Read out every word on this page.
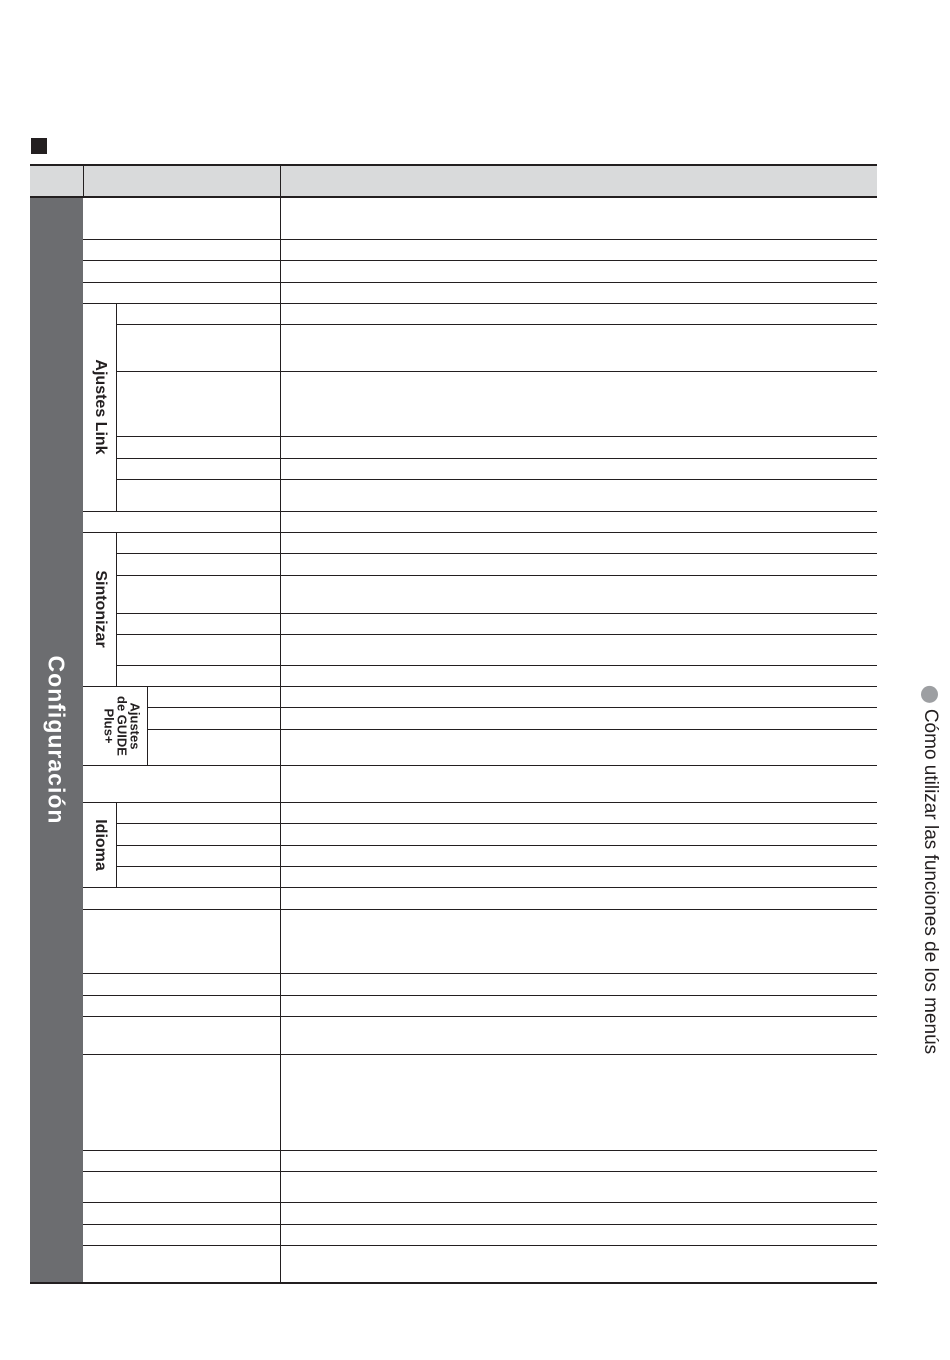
Configuración
Ajustes Link
Sintonizar
Ajustes
de GUIDE
Plus+
Idioma	Cómo utilizar las funciones de los menús
